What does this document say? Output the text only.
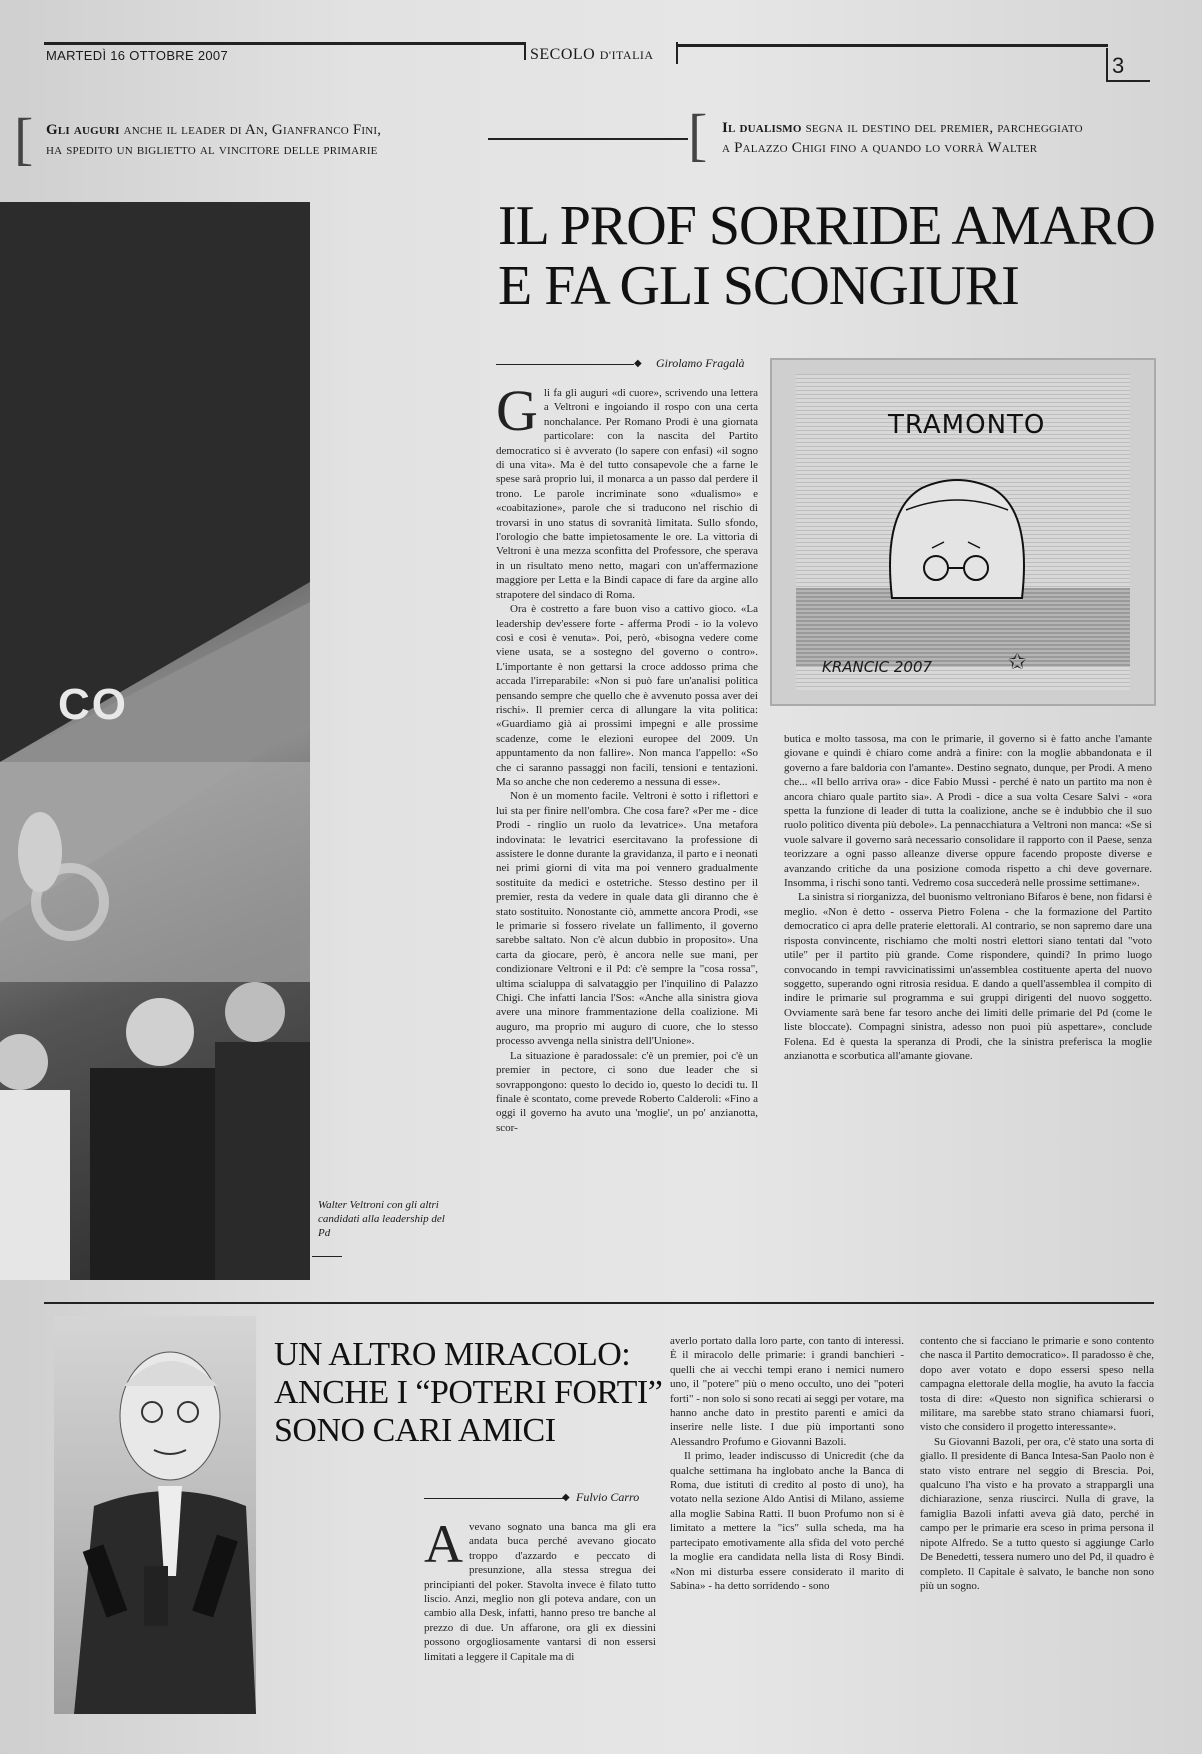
MARTEDÌ 16 OTTOBRE 2007	SECOLO D'ITALIA	3
[ Gli auguri anche il leader di An, Gianfranco Fini,
ha spedito un biglietto al vincitore delle primarie	[ Il dualismo segna il destino del premier, parcheggiato
a Palazzo Chigi fino a quando lo vorrà Walter
CO
IL PROF SORRIDE AMARO
E FA GLI SCONGIURI
◆ Girolamo Fragalà
TRAMONTO
KRANCIC 2007	✩

Gli fa gli auguri «di cuore», scrivendo una lettera a Veltroni e ingoiando il rospo con una certa nonchalance. Per Romano Prodi è una giornata particolare: con la nascita del Partito democratico si è avverato (lo sapere con enfasi) «il sogno di una vita». Ma è del tutto consapevole che a farne le spese sarà proprio lui, il monarca a un passo dal perdere il trono. Le parole incriminate sono «dualismo» e «coabitazione», parole che si traducono nel rischio di trovarsi in uno status di sovranità limitata. Sullo sfondo, l'orologio che batte impietosamente le ore. La vittoria di Veltroni è una mezza sconfitta del Professore, che sperava in un risultato meno netto, magari con un'affermazione maggiore per Letta e la Bindi capace di fare da argine allo strapotere del sindaco di Roma.

Ora è costretto a fare buon viso a cattivo gioco. «La leadership dev'essere forte - afferma Prodi - io la volevo così e così è venuta». Poi, però, «bisogna vedere come viene usata, se a sostegno del governo o contro». L'importante è non gettarsi la croce addosso prima che accada l'irreparabile: «Non si può fare un'analisi politica pensando sempre che quello che è avvenuto possa aver dei rischi». Il premier cerca di allungare la vita politica: «Guardiamo già ai prossimi impegni e alle prossime scadenze, come le elezioni europee del 2009. Un appuntamento da non fallire». Non manca l'appello: «So che ci saranno passaggi non facili, tensioni e tentazioni. Ma so anche che non cederemo a nessuna di esse».

Non è un momento facile. Veltroni è sotto i riflettori e lui sta per finire nell'ombra. Che cosa fare? «Per me - dice Prodi - ringlio un ruolo da levatrice». Una metafora indovinata: le levatrici esercitavano la professione di assistere le donne durante la gravidanza, il parto e i neonati nei primi giorni di vita ma poi vennero gradualmente sostituite da medici e ostetriche. Stesso destino per il premier, resta da vedere in quale data gli diranno che è stato sostituito. Nonostante ciò, ammette ancora Prodi, «se le primarie si fossero rivelate un fallimento, il governo sarebbe saltato. Non c'è alcun dubbio in proposito». Una carta da giocare, però, è ancora nelle sue mani, per condizionare Veltroni e il Pd: c'è sempre la "cosa rossa", ultima scialuppa di salvataggio per l'inquilino di Palazzo Chigi. Che infatti lancia l'Sos: «Anche alla sinistra giova avere una minore frammentazione della coalizione. Mi auguro, ma proprio mi auguro di cuore, che lo stesso processo avvenga nella sinistra dell'Unione».

La situazione è paradossale: c'è un premier, poi c'è un premier in pectore, ci sono due leader che si sovrappongono: questo lo decido io, questo lo decidi tu. Il finale è scontato, come prevede Roberto Calderoli: «Fino a oggi il governo ha avuto una 'moglie', un po' anzianotta, scor-

butica e molto tassosa, ma con le primarie, il governo si è fatto anche l'amante giovane e quindi è chiaro come andrà a finire: con la moglie abbandonata e il governo a fare baldoria con l'amante». Destino segnato, dunque, per Prodi. A meno che... «Il bello arriva ora» - dice Fabio Mussi - perché è nato un partito ma non è ancora chiaro quale partito sia». A Prodi - dice a sua volta Cesare Salvi - «ora spetta la funzione di leader di tutta la coalizione, anche se è indubbio che il suo ruolo politico diventa più debole». La pennacchiatura a Veltroni non manca: «Se si vuole salvare il governo sarà necessario consolidare il rapporto con il Paese, senza teorizzare a ogni passo alleanze diverse oppure facendo proposte diverse e avanzando critiche da una posizione comoda rispetto a chi deve governare. Insomma, i rischi sono tanti. Vedremo cosa succederà nelle prossime settimane».

La sinistra si riorganizza, del buonismo veltroniano Bifaros è bene, non fidarsi è meglio. «Non è detto - osserva Pietro Folena - che la formazione del Partito democratico ci apra delle praterie elettorali. Al contrario, se non sapremo dare una risposta convincente, rischiamo che molti nostri elettori siano tentati dal "voto utile" per il partito più grande. Come rispondere, quindi? In primo luogo convocando in tempi ravvicinatissimi un'assemblea costituente aperta del nuovo soggetto, superando ogni ritrosia residua. E dando a quell'assemblea il compito di indire le primarie sul programma e sui gruppi dirigenti del nuovo soggetto. Ovviamente sarà bene far tesoro anche dei limiti delle primarie del Pd (come le liste bloccate). Compagni sinistra, adesso non puoi più aspettare», conclude Folena. Ed è questa la speranza di Prodi, che la sinistra preferisca la moglie anzianotta e scorbutica all'amante giovane.

Walter Veltroni con gli altri candidati alla leadership del Pd
UN ALTRO MIRACOLO:
ANCHE I “POTERI FORTI”
SONO CARI AMICI
◆ Fulvio Carro

Avevano sognato una banca ma gli era andata buca perché avevano giocato troppo d'azzardo e peccato di presunzione, alla stessa stregua dei principianti del poker. Stavolta invece è filato tutto liscio. Anzi, meglio non gli poteva andare, con un cambio alla Desk, infatti, hanno preso tre banche al prezzo di due. Un affarone, ora gli ex diessini possono orgogliosamente vantarsi di non essersi limitati a leggere il Capitale ma di

averlo portato dalla loro parte, con tanto di interessi. È il miracolo delle primarie: i grandi banchieri - quelli che ai vecchi tempi erano i nemici numero uno, il "potere" più o meno occulto, uno dei "poteri forti" - non solo si sono recati ai seggi per votare, ma hanno anche dato in prestito parenti e amici da inserire nelle liste. I due più importanti sono Alessandro Profumo e Giovanni Bazoli.

Il primo, leader indiscusso di Unicredit (che da qualche settimana ha inglobato anche la Banca di Roma, due istituti di credito al posto di uno), ha votato nella sezione Aldo Antisi di Milano, assieme alla moglie Sabina Ratti. Il buon Profumo non si è limitato a mettere la "ics" sulla scheda, ma ha partecipato emotivamente alla sfida del voto perché la moglie era candidata nella lista di Rosy Bindi. «Non mi disturba essere considerato il marito di Sabina» - ha detto sorridendo - sono

contento che si facciano le primarie e sono contento che nasca il Partito democratico». Il paradosso è che, dopo aver votato e dopo essersi speso nella campagna elettorale della moglie, ha avuto la faccia tosta di dire: «Questo non significa schierarsi o militare, ma sarebbe stato strano chiamarsi fuori, visto che considero il progetto interessante».

Su Giovanni Bazoli, per ora, c'è stato una sorta di giallo. Il presidente di Banca Intesa-San Paolo non è stato visto entrare nel seggio di Brescia. Poi, qualcuno l'ha visto e ha provato a strappargli una dichiarazione, senza riuscirci. Nulla di grave, la famiglia Bazoli infatti aveva già dato, perché in campo per le primarie era sceso in prima persona il nipote Alfredo. Se a tutto questo si aggiunge Carlo De Benedetti, tessera numero uno del Pd, il quadro è completo. Il Capitale è salvato, le banche non sono più un sogno.
